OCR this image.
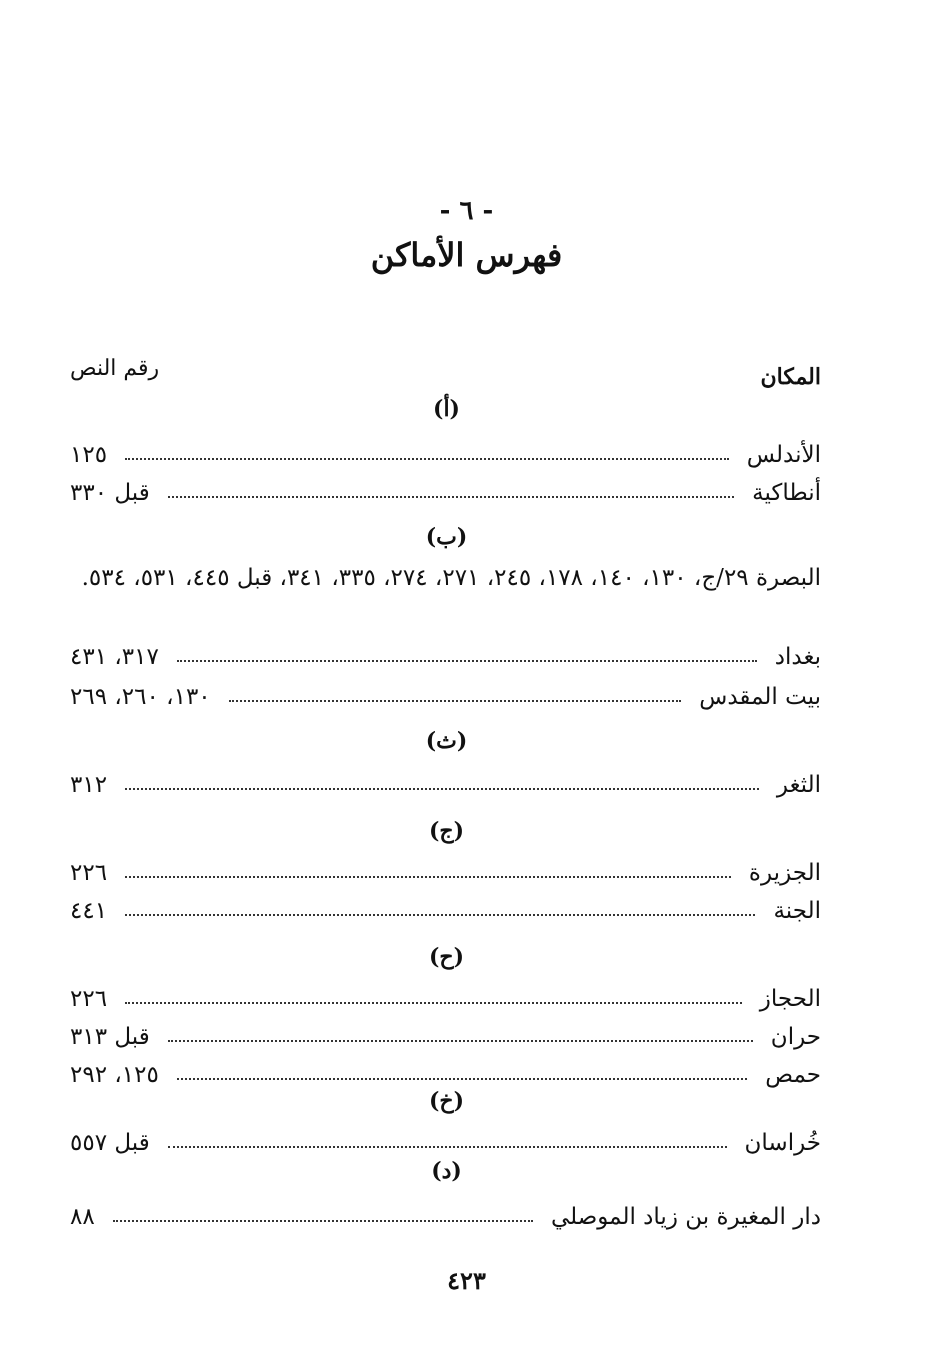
- ٦ -
فهرس الأماكن
المكان
رقم النص
(أ)
الأندلس
١٢٥
أنطاكية
قبل ٣٣٠
(ب)
البصرة ٢٩/ج، ١٣٠، ١٤٠، ١٧٨، ٢٤٥، ٢٧١، ٢٧٤، ٣٣٥، ٣٤١، قبل ٤٤٥، ٥٣١، ٥٣٤.
بغداد
٣١٧، ٤٣١
بيت المقدس
١٣٠، ٢٦٠، ٢٦٩
(ث)
الثغر
٣١٢
(ج)
الجزيرة
٢٢٦
الجنة
٤٤١
(ح)
الحجاز
٢٢٦
حران
قبل ٣١٣
حمص
١٢٥، ٢٩٢
(خ)
خُراسان
قبل ٥٥٧
(د)
دار المغيرة بن زياد الموصلي
٨٨
٤٢٣
